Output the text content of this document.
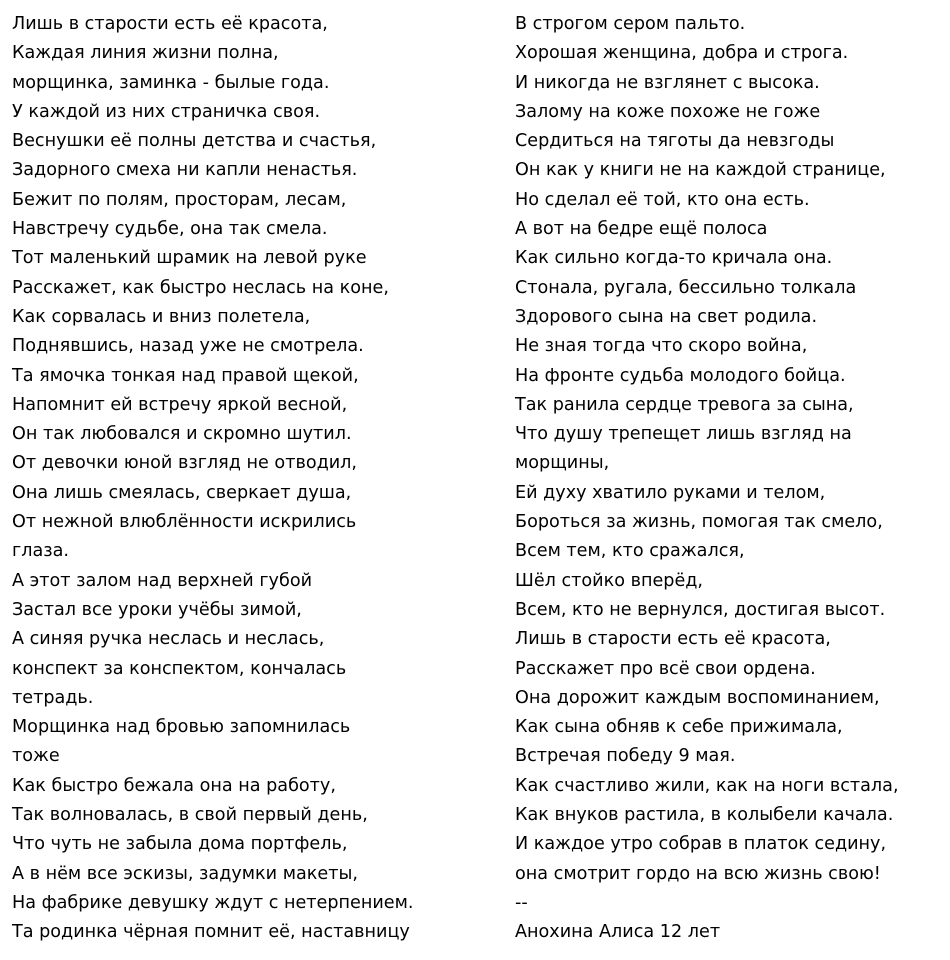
Лишь в старости есть её красота,
Каждая линия жизни полна,
морщинка, заминка - былые года.
У каждой из них страничка своя.
Веснушки её полны детства и счастья,
Задорного смеха ни капли ненастья.
Бежит по полям, просторам, лесам,
Навстречу судьбе, она так смела.
Тот маленький шрамик на левой руке
Расскажет, как быстро неслась на коне,
Как сорвалась и вниз полетела,
Поднявшись, назад уже не смотрела.
Та ямочка тонкая над правой щекой,
Напомнит ей встречу яркой весной,
Он так любовался и скромно шутил.
От девочки юной взгляд не отводил,
Она лишь смеялась, сверкает душа,
От нежной влюблённости искрились
глаза.
А этот залом над верхней губой
Застал все уроки учёбы зимой,
А синяя ручка неслась и неслась,
конспект за конспектом, кончалась
тетрадь.
Морщинка над бровью запомнилась
тоже
Как быстро бежала она на работу,
Так волновалась, в свой первый день,
Что чуть не забыла дома портфель,
А в нём все эскизы, задумки макеты,
На фабрике девушку ждут с нетерпением.
Та родинка чёрная помнит её, наставницу
В строгом сером пальто.
Хорошая женщина, добра и строга.
И никогда не взглянет с высока.
Залому на коже похоже не гоже
Сердиться на тяготы да невзгоды
Он как у книги не на каждой странице,
Но сделал её той, кто она есть.
А вот на бедре ещё полоса
Как сильно когда-то кричала она.
Стонала, ругала, бессильно толкала
Здорового сына на свет родила.
Не зная тогда что скоро война,
На фронте судьба молодого бойца.
Так ранила сердце тревога за сына,
Что душу трепещет лишь взгляд на
морщины,
Ей духу хватило руками и телом,
Бороться за жизнь, помогая так смело,
Всем тем, кто сражался,
Шёл стойко вперёд,
Всем, кто не вернулся, достигая высот.
Лишь в старости есть её красота,
Расскажет про всё свои ордена.
Она дорожит каждым воспоминанием,
Как сына обняв к себе прижимала,
Встречая победу 9 мая.
Как счастливо жили, как на ноги встала,
Как внуков растила, в колыбели качала.
И каждое утро собрав в платок седину,
она смотрит гордо на всю жизнь свою!
--
Анохина Алиса 12 лет
